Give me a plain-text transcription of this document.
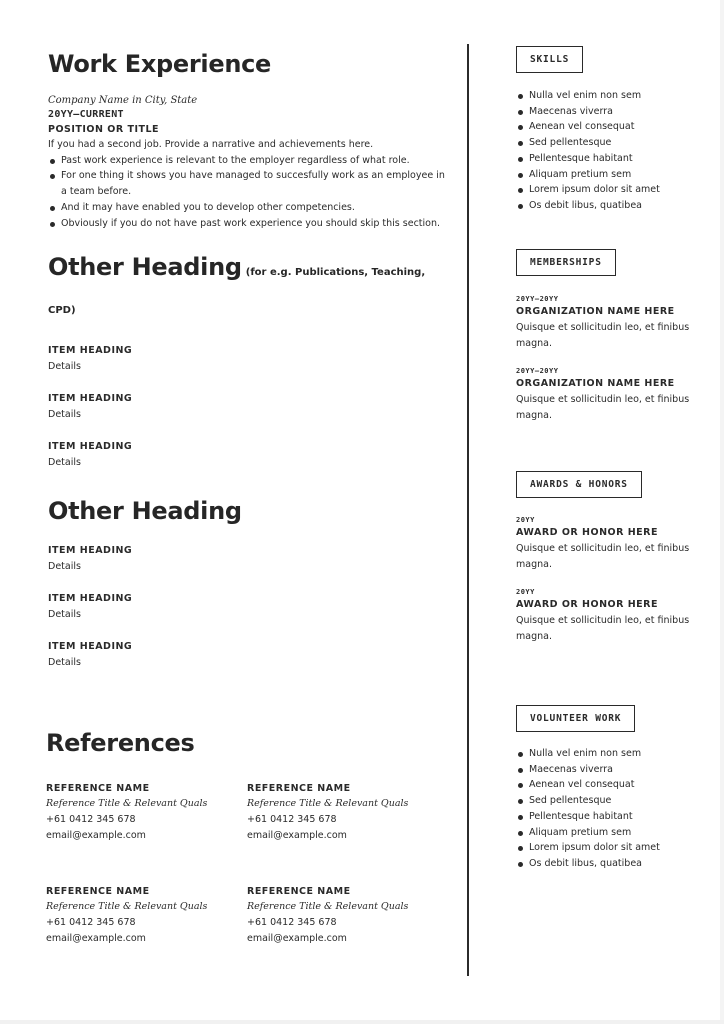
Work Experience
Company Name in City, State
20YY–CURRENT
POSITION OR TITLE
If you had a second job. Provide a narrative and achievements here.
Past work experience is relevant to the employer regardless of what role.
For one thing it shows you have managed to succesfully work as an employee in a team before.
And it may have enabled you to develop other competencies.
Obviously if you do not have past work experience you should skip this section.
Other Heading (for e.g. Publications, Teaching, CPD)
ITEM HEADING
Details
ITEM HEADING
Details
ITEM HEADING
Details
Other Heading
ITEM HEADING
Details
ITEM HEADING
Details
ITEM HEADING
Details
References
REFERENCE NAME
Reference Title & Relevant Quals
+61 0412 345 678
email@example.com
REFERENCE NAME
Reference Title & Relevant Quals
+61 0412 345 678
email@example.com
REFERENCE NAME
Reference Title & Relevant Quals
+61 0412 345 678
email@example.com
REFERENCE NAME
Reference Title & Relevant Quals
+61 0412 345 678
email@example.com
SKILLS
Nulla vel enim non sem
Maecenas viverra
Aenean vel consequat
Sed pellentesque
Pellentesque habitant
Aliquam pretium sem
Lorem ipsum dolor sit amet
Os debit libus, quatibea
MEMBERSHIPS
20YY–20YY
ORGANIZATION NAME HERE
Quisque et sollicitudin leo, et finibus magna.
20YY–20YY
ORGANIZATION NAME HERE
Quisque et sollicitudin leo, et finibus magna.
AWARDS & HONORS
20YY
AWARD OR HONOR HERE
Quisque et sollicitudin leo, et finibus magna.
20YY
AWARD OR HONOR HERE
Quisque et sollicitudin leo, et finibus magna.
VOLUNTEER WORK
Nulla vel enim non sem
Maecenas viverra
Aenean vel consequat
Sed pellentesque
Pellentesque habitant
Aliquam pretium sem
Lorem ipsum dolor sit amet
Os debit libus, quatibea
